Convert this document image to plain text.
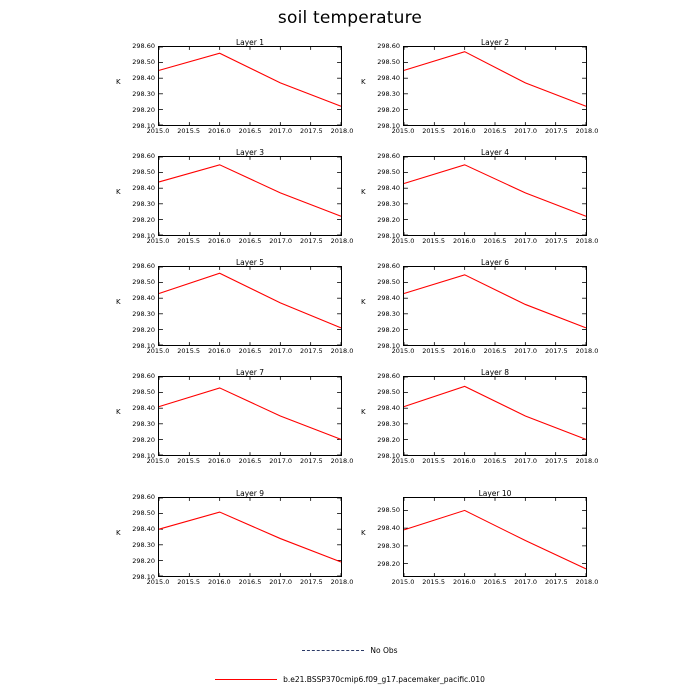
soil temperature
Layer 1
298.10
298.20
298.30
298.40
298.50
298.60
K
2015.0 2015.5 2016.0 2016.5 2017.0 2017.5 2018.0
Layer 2
298.10
298.20
298.30
298.40
298.50
298.60
K
2015.0 2015.5 2016.0 2016.5 2017.0 2017.5 2018.0
Layer 3
298.10
298.20
298.30
298.40
298.50
298.60
K
2015.0 2015.5 2016.0 2016.5 2017.0 2017.5 2018.0
Layer 4
298.10
298.20
298.30
298.40
298.50
298.60
K
2015.0 2015.5 2016.0 2016.5 2017.0 2017.5 2018.0
Layer 5
298.10
298.20
298.30
298.40
298.50
298.60
K
2015.0 2015.5 2016.0 2016.5 2017.0 2017.5 2018.0
Layer 6
298.10
298.20
298.30
298.40
298.50
298.60
K
2015.0 2015.5 2016.0 2016.5 2017.0 2017.5 2018.0
Layer 7
298.10
298.20
298.30
298.40
298.50
298.60
K
2015.0 2015.5 2016.0 2016.5 2017.0 2017.5 2018.0
Layer 8
298.10
298.20
298.30
298.40
298.50
298.60
K
2015.0 2015.5 2016.0 2016.5 2017.0 2017.5 2018.0
Layer 9
298.10
298.20
298.30
298.40
298.50
298.60
K
2015.0 2015.5 2016.0 2016.5 2017.0 2017.5 2018.0
Layer 10
298.20
298.30
298.40
298.50
K
2015.0 2015.5 2016.0 2016.5 2017.0 2017.5 2018.0
No Obs
b.e21.BSSP370cmip6.f09_g17.pacemaker_pacific.010
